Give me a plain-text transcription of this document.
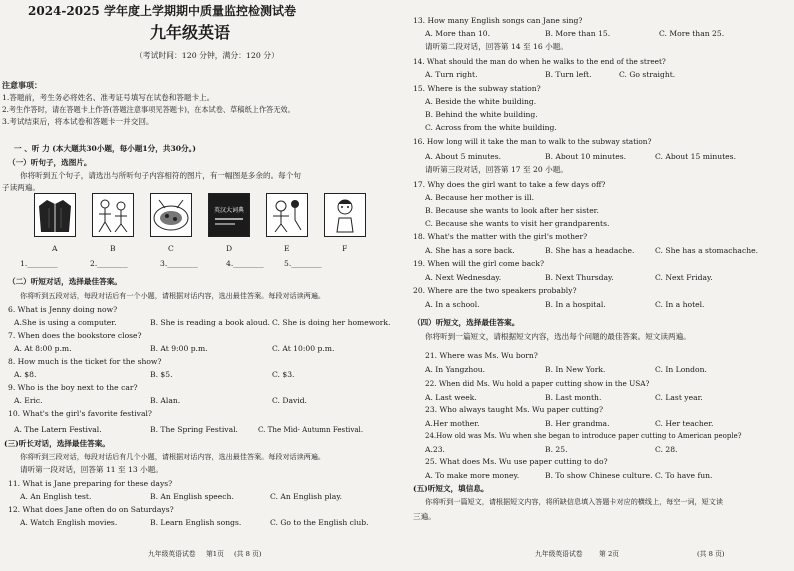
2024-2025 学年度上学期期中质量监控检测试卷
九年级英语
（考试时间：120 分钟，满分：120 分）
注意事项：
1.答题前，考生务必将姓名、准考证号填写在试卷和答题卡上。
2.考生作答时，请在答题卡上作答(答题注意事项见答题卡)，在本试卷、草稿纸上作答无效。
3.考试结束后，将本试卷和答题卡一并交回。
一 、听 力 (本大题共30小题，每小题1分，共30分。)
（一）听句子，选图片。
你将听到五个句子，请选出与所听句子内容相符的图片，有一幅图是多余的。每个句
子读两遍。
英汉大词典
A	B	C	D	E	F
1.________	2.________	3.________	4.________	5.________
（二）听短对话，选择最佳答案。
你将听到五段对话，每段对话后有一个小题，请根据对话内容，选出最佳答案。每段对话读两遍。
6. What is Jenny doing now?
A.She is using a computer.	B. She is reading a book aloud. C. She is doing her homework.
7. When does the bookstore close?
A. At 8:00 p.m.	B. At 9:00 p.m.	C. At 10:00 p.m.
8. How much is the ticket for the show?
A. $8.	B. $5.	C. $3.
9. Who is the boy next to the car?
A. Eric.	B. Alan.	C. David.
10. What's the girl's favorite festival?
A. The Latern Festival.	B. The Spring Festival.	C. The Mid- Autumn Festival.
(三)听长对话，选择最佳答案。
你将听到三段对话，每段对话后有几个小题，请根据对话内容，选出最佳答案。每段对话读两遍。
请听第一段对话，回答第 11 至 13 小题。
11. What is Jane preparing for these days?
A. An English test.	B. An English speech.	C. An English play.
12. What does Jane often do on Saturdays?
A. Watch English movies.	B. Learn English songs.	C. Go to the English club.
九年级英语试卷 第1页 (共 8 页)
13. How many English songs can Jane sing?
A. More than 10.	B. More than 15.	C. More than 25.
请听第二段对话，回答第 14 至 16 小题。
14. What should the man do when he walks to the end of the street?
A. Turn right.	B. Turn left.	C. Go straight.
15. Where is the subway station?
A. Beside the white building.
B. Behind the white building.
C. Across from the white building.
16. How long will it take the man to walk to the subway station?
A. About 5 minutes.	B. About 10 minutes.	C. About 15 minutes.
请听第三段对话，回答第 17 至 20 小题。
17. Why does the girl want to take a few days off?
A. Because her mother is ill.
B. Because she wants to look after her sister.
C. Because she wants to visit her grandparents.
18. What's the matter with the girl's mother?
A. She has a sore back.	B. She has a headache.	C. She has a stomachache.
19. When will the girl come back?
A. Next Wednesday.	B. Next Thursday.	C. Next Friday.
20. Where are the two speakers probably?
A. In a school.	B. In a hospital.	C. In a hotel.
（四）听短文，选择最佳答案。
你将听到一篇短文，请根据短文内容，选出每个问题的最佳答案。短文读两遍。
21. Where was Ms. Wu born?
A. In Yangzhou.	B. In New York.	C. In London.
22. When did Ms. Wu hold a paper cutting show in the USA?
A. Last week.	B. Last month.	C. Last year.
23. Who always taught Ms. Wu paper cutting?
A.Her mother.	B. Her grandma.	C. Her teacher.
24.How old was Ms. Wu when she began to introduce paper cutting to American people?
A.23.	B. 25.	C. 28.
25. What does Ms. Wu use paper cutting to do?
A. To make more money.	B. To show Chinese culture. C. To have fun.
(五)听短文，填信息。
你将听到一篇短文，请根据短文内容，将所缺信息填入答题卡对应的横线上，每空一词，短文读
三遍。
九年级英语试卷 第 2页	(共 8 页)
